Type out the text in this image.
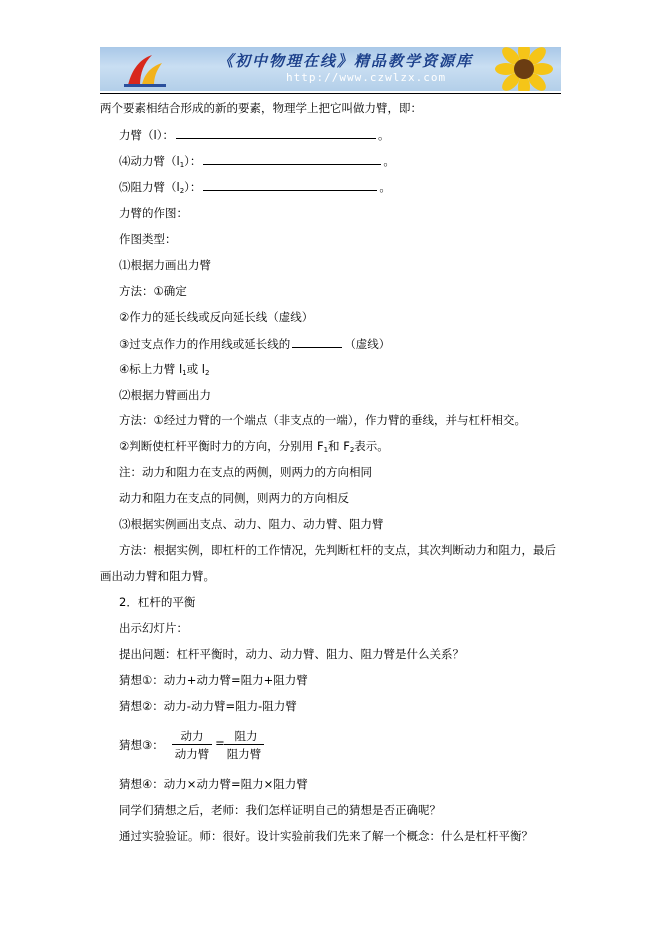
《初中物理在线》精品教学资源库
http://www.czwlzx.com
两个要素相结合形成的新的要素，物理学上把它叫做力臂，即：
力臂（l）：	。
⑷动力臂$(l_1)$：	。
⑸阻力臂$(l_2)$：	。
力臂的作图：
作图类型：
⑴根据力画出力臂
方法：①确定
②作力的延长线或反向延长线（虚线）
③过支点作力的作用线或延长线的	（虚线）
④标上力臂 $l_1$或 $l_2$
⑵根据力臂画出力
方法：①经过力臂的一个端点（非支点的一端），作力臂的垂线，并与杠杆相交。
②判断使杠杆平衡时力的方向，分别用 $F_1$和 $F_2$表示。
注：动力和阻力在支点的两侧，则两力的方向相同
动力和阻力在支点的同侧，则两力的方向相反
⑶根据实例画出支点、动力、阻力、动力臂、阻力臂
方法：根据实例，即杠杆的工作情况，先判断杠杆的支点，其次判断动力和阻力，最后
画出动力臂和阻力臂。
2．杠杆的平衡
出示幻灯片：
提出问题：杠杆平衡时，动力、动力臂、阻力、阻力臂是什么关系？
猜想①：动力+动力臂=阻力+阻力臂
猜想②：动力-动力臂=阻力-阻力臂
猜想③：
动力
动力臂
= 阻力
阻力臂
猜想④：动力×动力臂=阻力×阻力臂
同学们猜想之后，老师：我们怎样证明自己的猜想是否正确呢？
通过实验验证。师：很好。设计实验前我们先来了解一个概念：什么是杠杆平衡？
